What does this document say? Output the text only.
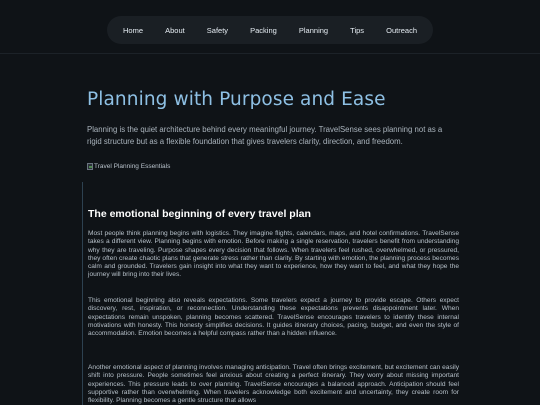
Home	About	Safety	Packing	Planning	Tips	Outreach
Planning with Purpose and Ease

Planning is the quiet architecture behind every meaningful journey. TravelSense sees planning not as a rigid structure but as a flexible foundation that gives travelers clarity, direction, and freedom.

Travel Planning Essentials
The emotional beginning of every travel plan

Most people think planning begins with logistics. They imagine flights, calendars, maps, and hotel confirmations. TravelSense takes a different view. Planning begins with emotion. Before making a single reservation, travelers benefit from understanding why they are traveling. Purpose shapes every decision that follows. When travelers feel rushed, overwhelmed, or pressured, they often create chaotic plans that generate stress rather than clarity. By starting with emotion, the planning process becomes calm and grounded. Travelers gain insight into what they want to experience, how they want to feel, and what they hope the journey will bring into their lives.

This emotional beginning also reveals expectations. Some travelers expect a journey to provide escape. Others expect discovery, rest, inspiration, or reconnection. Understanding these expectations prevents disappointment later. When expectations remain unspoken, planning becomes scattered. TravelSense encourages travelers to identify these internal motivations with honesty. This honesty simplifies decisions. It guides itinerary choices, pacing, budget, and even the style of accommodation. Emotion becomes a helpful compass rather than a hidden influence.

Another emotional aspect of planning involves managing anticipation. Travel often brings excitement, but excitement can easily shift into pressure. People sometimes feel anxious about creating a perfect itinerary. They worry about missing important experiences. This pressure leads to over planning. TravelSense encourages a balanced approach. Anticipation should feel supportive rather than overwhelming. When travelers acknowledge both excitement and uncertainty, they create room for flexibility. Planning becomes a gentle structure that allows
